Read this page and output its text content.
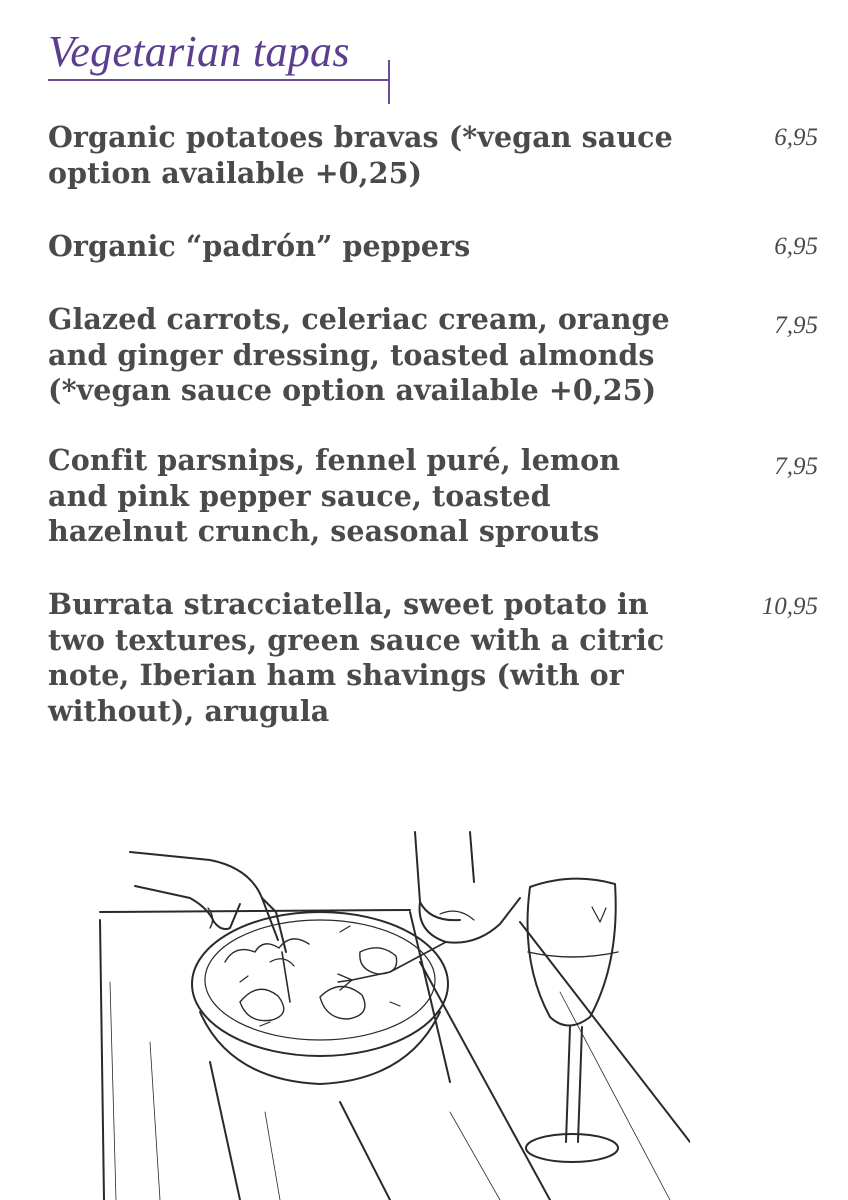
Vegetarian tapas
Organic potatoes bravas (*vegan sauce option available +0,25)
6,95
Organic “padrón” peppers	6,95
Glazed carrots, celeriac cream, orange and ginger dressing, toasted almonds (*vegan sauce option available +0,25)
7,95
Confit parsnips, fennel puré, lemon and pink pepper sauce, toasted hazelnut crunch, seasonal sprouts
7,95
Burrata stracciatella, sweet potato in two textures, green sauce with a citric note, Iberian ham shavings (with or without), arugula
10,95
